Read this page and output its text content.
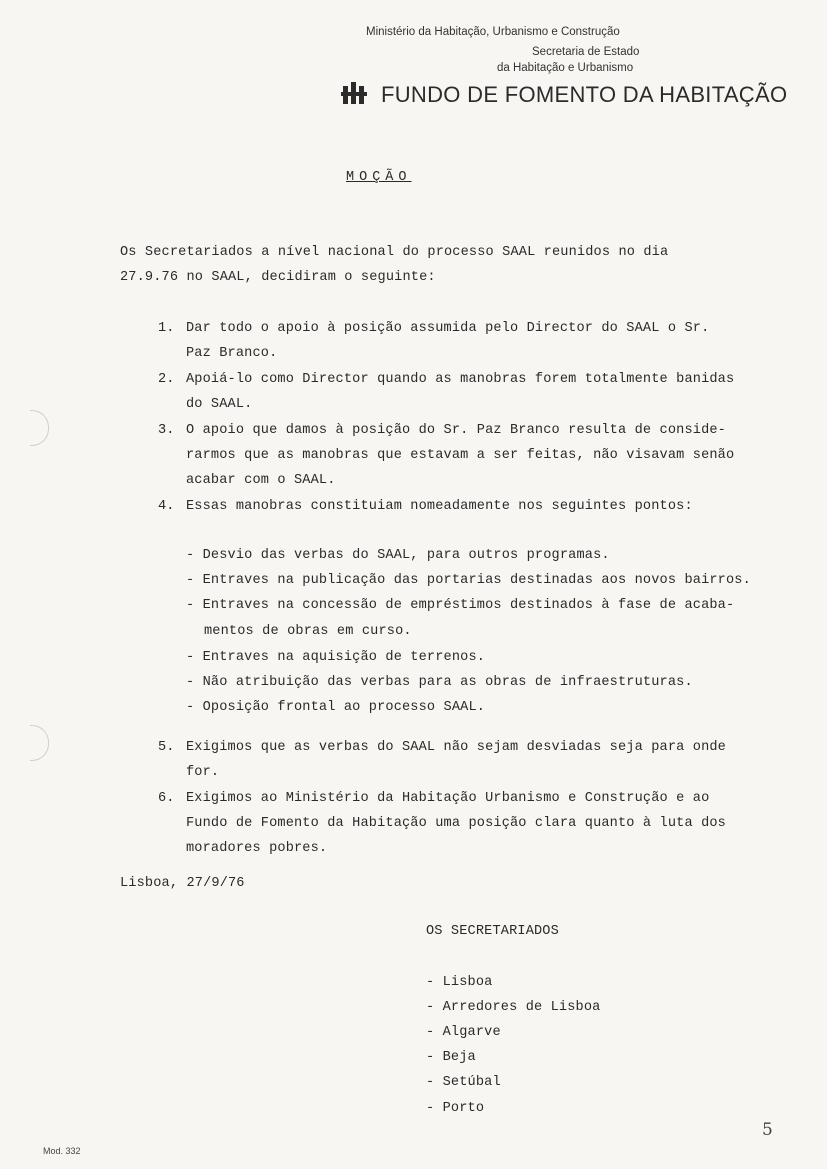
Ministério da Habitação, Urbanismo e Construção
Secretaria de Estado
da Habitação e Urbanismo
FUNDO DE FOMENTO DA HABITAÇÃO
MOÇÃO
Os Secretariados a nível nacional do processo SAAL reunidos no dia
27.9.76 no SAAL, decidiram o seguinte:
1. Dar todo o apoio à posição assumida pelo Director do SAAL o Sr.
Paz Branco.
2. Apoiá-lo como Director quando as manobras forem totalmente banidas
do SAAL.
3. O apoio que damos à posição do Sr. Paz Branco resulta de conside-
rarmos que as manobras que estavam a ser feitas, não visavam senão
acabar com o SAAL.
4. Essas manobras constituiam nomeadamente nos seguintes pontos:
- Desvio das verbas do SAAL, para outros programas.
- Entraves na publicação das portarias destinadas aos novos bairros.
- Entraves na concessão de empréstimos destinados à fase de acaba-
mentos de obras em curso.
- Entraves na aquisição de terrenos.
- Não atribuição das verbas para as obras de infraestruturas.
- Oposição frontal ao processo SAAL.
5. Exigimos que as verbas do SAAL não sejam desviadas seja para onde
for.
6. Exigimos ao Ministério da Habitação Urbanismo e Construção e ao
Fundo de Fomento da Habitação uma posição clara quanto à luta dos
moradores pobres.
Lisboa, 27/9/76
OS SECRETARIADOS
- Lisboa
- Arredores de Lisboa
- Algarve
- Beja
- Setúbal
- Porto
Mod. 332
5
